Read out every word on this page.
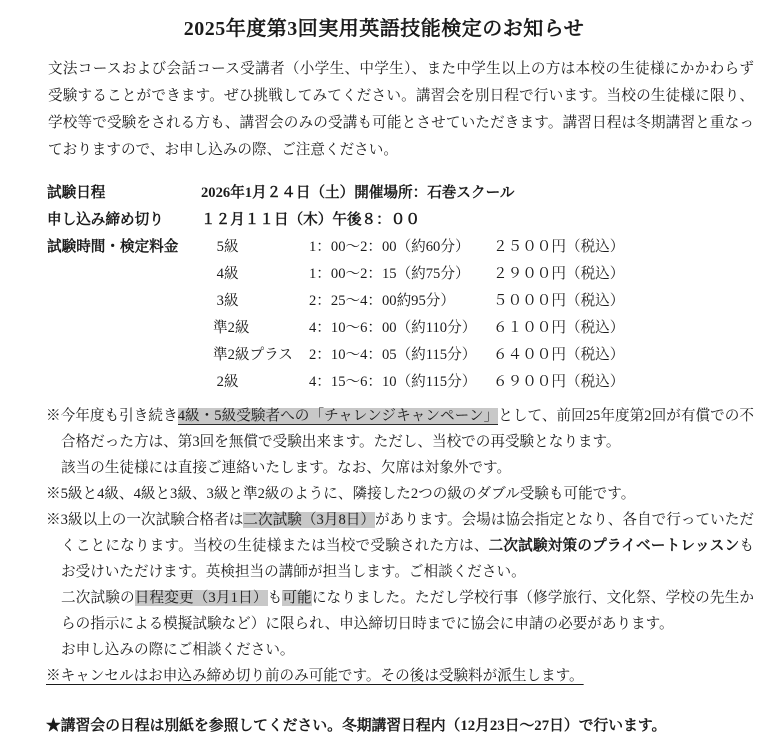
2025年度第3回実用英語技能検定のお知らせ
文法コースおよび会話コース受講者（小学生、中学生）、また中学生以上の方は本校の生徒様にかかわらず受験することができます。ぜひ挑戦してみてください。講習会を別日程で行います。当校の生徒様に限り、学校等で受験をされる方も、講習会のみの受講も可能とさせていただきます。講習日程は冬期講習と重なっておりますので、お申し込みの際、ご注意ください。
試験日程	2026年1月２４日（土）開催場所：石巻スクール
申し込み締め切り	１２月１１日（木）午後８：００
試験時間・検定料金	5級	1：00～2：00（約60分）	２５００円（税込）
4級	1：00～2：15（約75分）	２９００円（税込）
3級	2：25～4：00約95分）	５０００円（税込）
準2級	4：10～6：00（約110分）	６１００円（税込）
準2級プラス	2：10～4：05（約115分）	６４００円（税込）
2級	4：15～6：10（約115分）	６９００円（税込）
※今年度も引き続き4級・5級受験者への「チャレンジキャンペーン」として、前回25年度第2回が有償での不合格だった方は、第3回を無償で受験出来ます。ただし、当校での再受験となります。
該当の生徒様には直接ご連絡いたします。なお、欠席は対象外です。
※5級と4級、4級と3級、3級と準2級のように、隣接した2つの級のダブル受験も可能です。
※3級以上の一次試験合格者は二次試験（3月8日）があります。会場は協会指定となり、各自で行っていただくことになります。当校の生徒様または当校で受験された方は、二次試験対策のプライベートレッスンもお受けいただけます。英検担当の講師が担当します。ご相談ください。
二次試験の日程変更（3月1日）も可能になりました。ただし学校行事（修学旅行、文化祭、学校の先生からの指示による模擬試験など）に限られ、申込締切日時までに協会に申請の必要があります。
お申し込みの際にご相談ください。
※キャンセルはお申込み締め切り前のみ可能です。その後は受験料が派生します。
★講習会の日程は別紙を参照してください。冬期講習日程内（12月23日～27日）で行います。
